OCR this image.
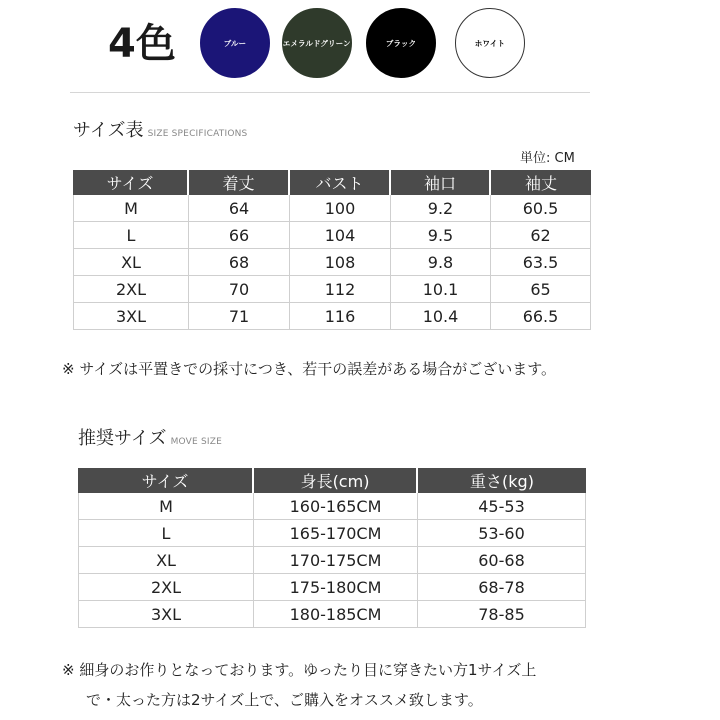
4色	ブルー	エメラルドグリーン	ブラック	ホワイト
サイズ表 SIZE SPECIFICATIONS
単位: CM
サイズ	着丈	バスト	袖口	袖丈
M	64	100	9.2	60.5
L	66	104	9.5	62
XL	68	108	9.8	63.5
2XL	70	112	10.1	65
3XL	71	116	10.4	66.5
※ サイズは平置きでの採寸につき、若干の誤差がある場合がございます。
推奨サイズ MOVE SIZE
サイズ	身長(cm)	重さ(kg)
M	160-165CM	45-53
L	165-170CM	53-60
XL	170-175CM	60-68
2XL	175-180CM	68-78
3XL	180-185CM	78-85
※ 細身のお作りとなっております。ゆったり目に穿きたい方1サイズ上
で・太った方は2サイズ上で、ご購入をオススメ致します。
